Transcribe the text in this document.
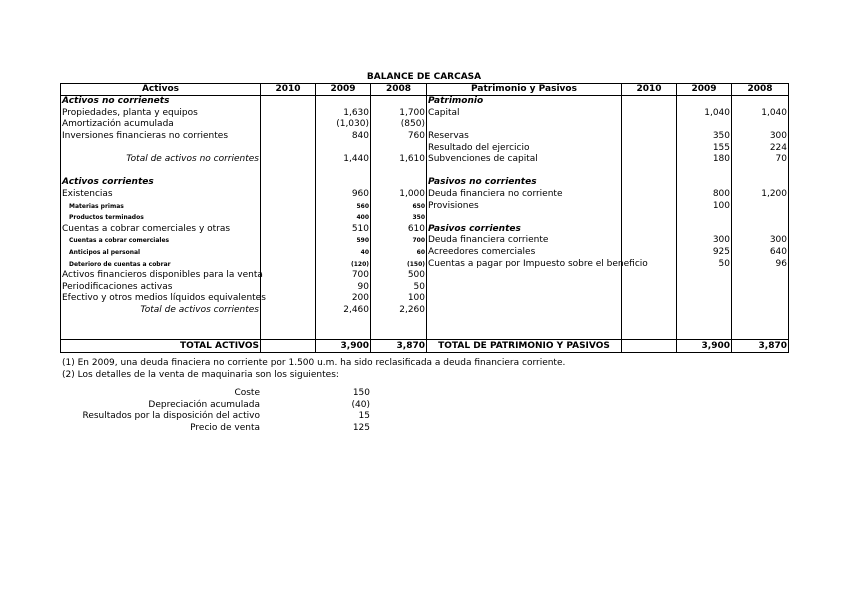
BALANCE DE CARCASA
Activos	2010	2009	2008	Patrimonio y Pasivos	2010	2009	2008
Activos no corrienets				Patrimonio			
Propiedades, planta y equipos		1,630	1,700	Capital		1,040	1,040
Amortización acumulada		(1,030)	(850)				
Inversiones financieras no corrientes		840	760	Reservas		350	300
				Resultado del ejercicio		155	224
Total de activos no corrientes		1,440	1,610	Subvenciones de capital		180	70

Activos corrientes				Pasivos no corrientes			
Existencias		960	1,000	Deuda financiera no corriente		800	1,200
Materias primas		560	650	Provisiones		100	
Productos terminados		400	350				
Cuentas a cobrar comerciales y otras		510	610	Pasivos corrientes			
Cuentas a cobrar comerciales		590	700	Deuda financiera corriente		300	300
Anticipos al personal		40	60	Acreedores comerciales		925	640
Deterioro de cuentas a cobrar		(120)	(150)	Cuentas a pagar por Impuesto sobre el beneficio		50	96
Activos financieros disponibles para la venta		700	500				
Periodificaciones activas		90	50				
Efectivo y otros medios líquidos equivalentes		200	100				
Total de activos corrientes		2,460	2,260				

TOTAL ACTIVOS		3,900	3,870	TOTAL DE PATRIMONIO Y PASIVOS		3,900	3,870
(1) En 2009, una deuda finaciera no corriente por 1.500 u.m. ha sido reclasificada a deuda financiera corriente.
(2) Los detalles de la venta de maquinaria son los siguientes:
Coste	150
Depreciación acumulada	(40)
Resultados por la disposición del activo	15
Precio de venta	125
